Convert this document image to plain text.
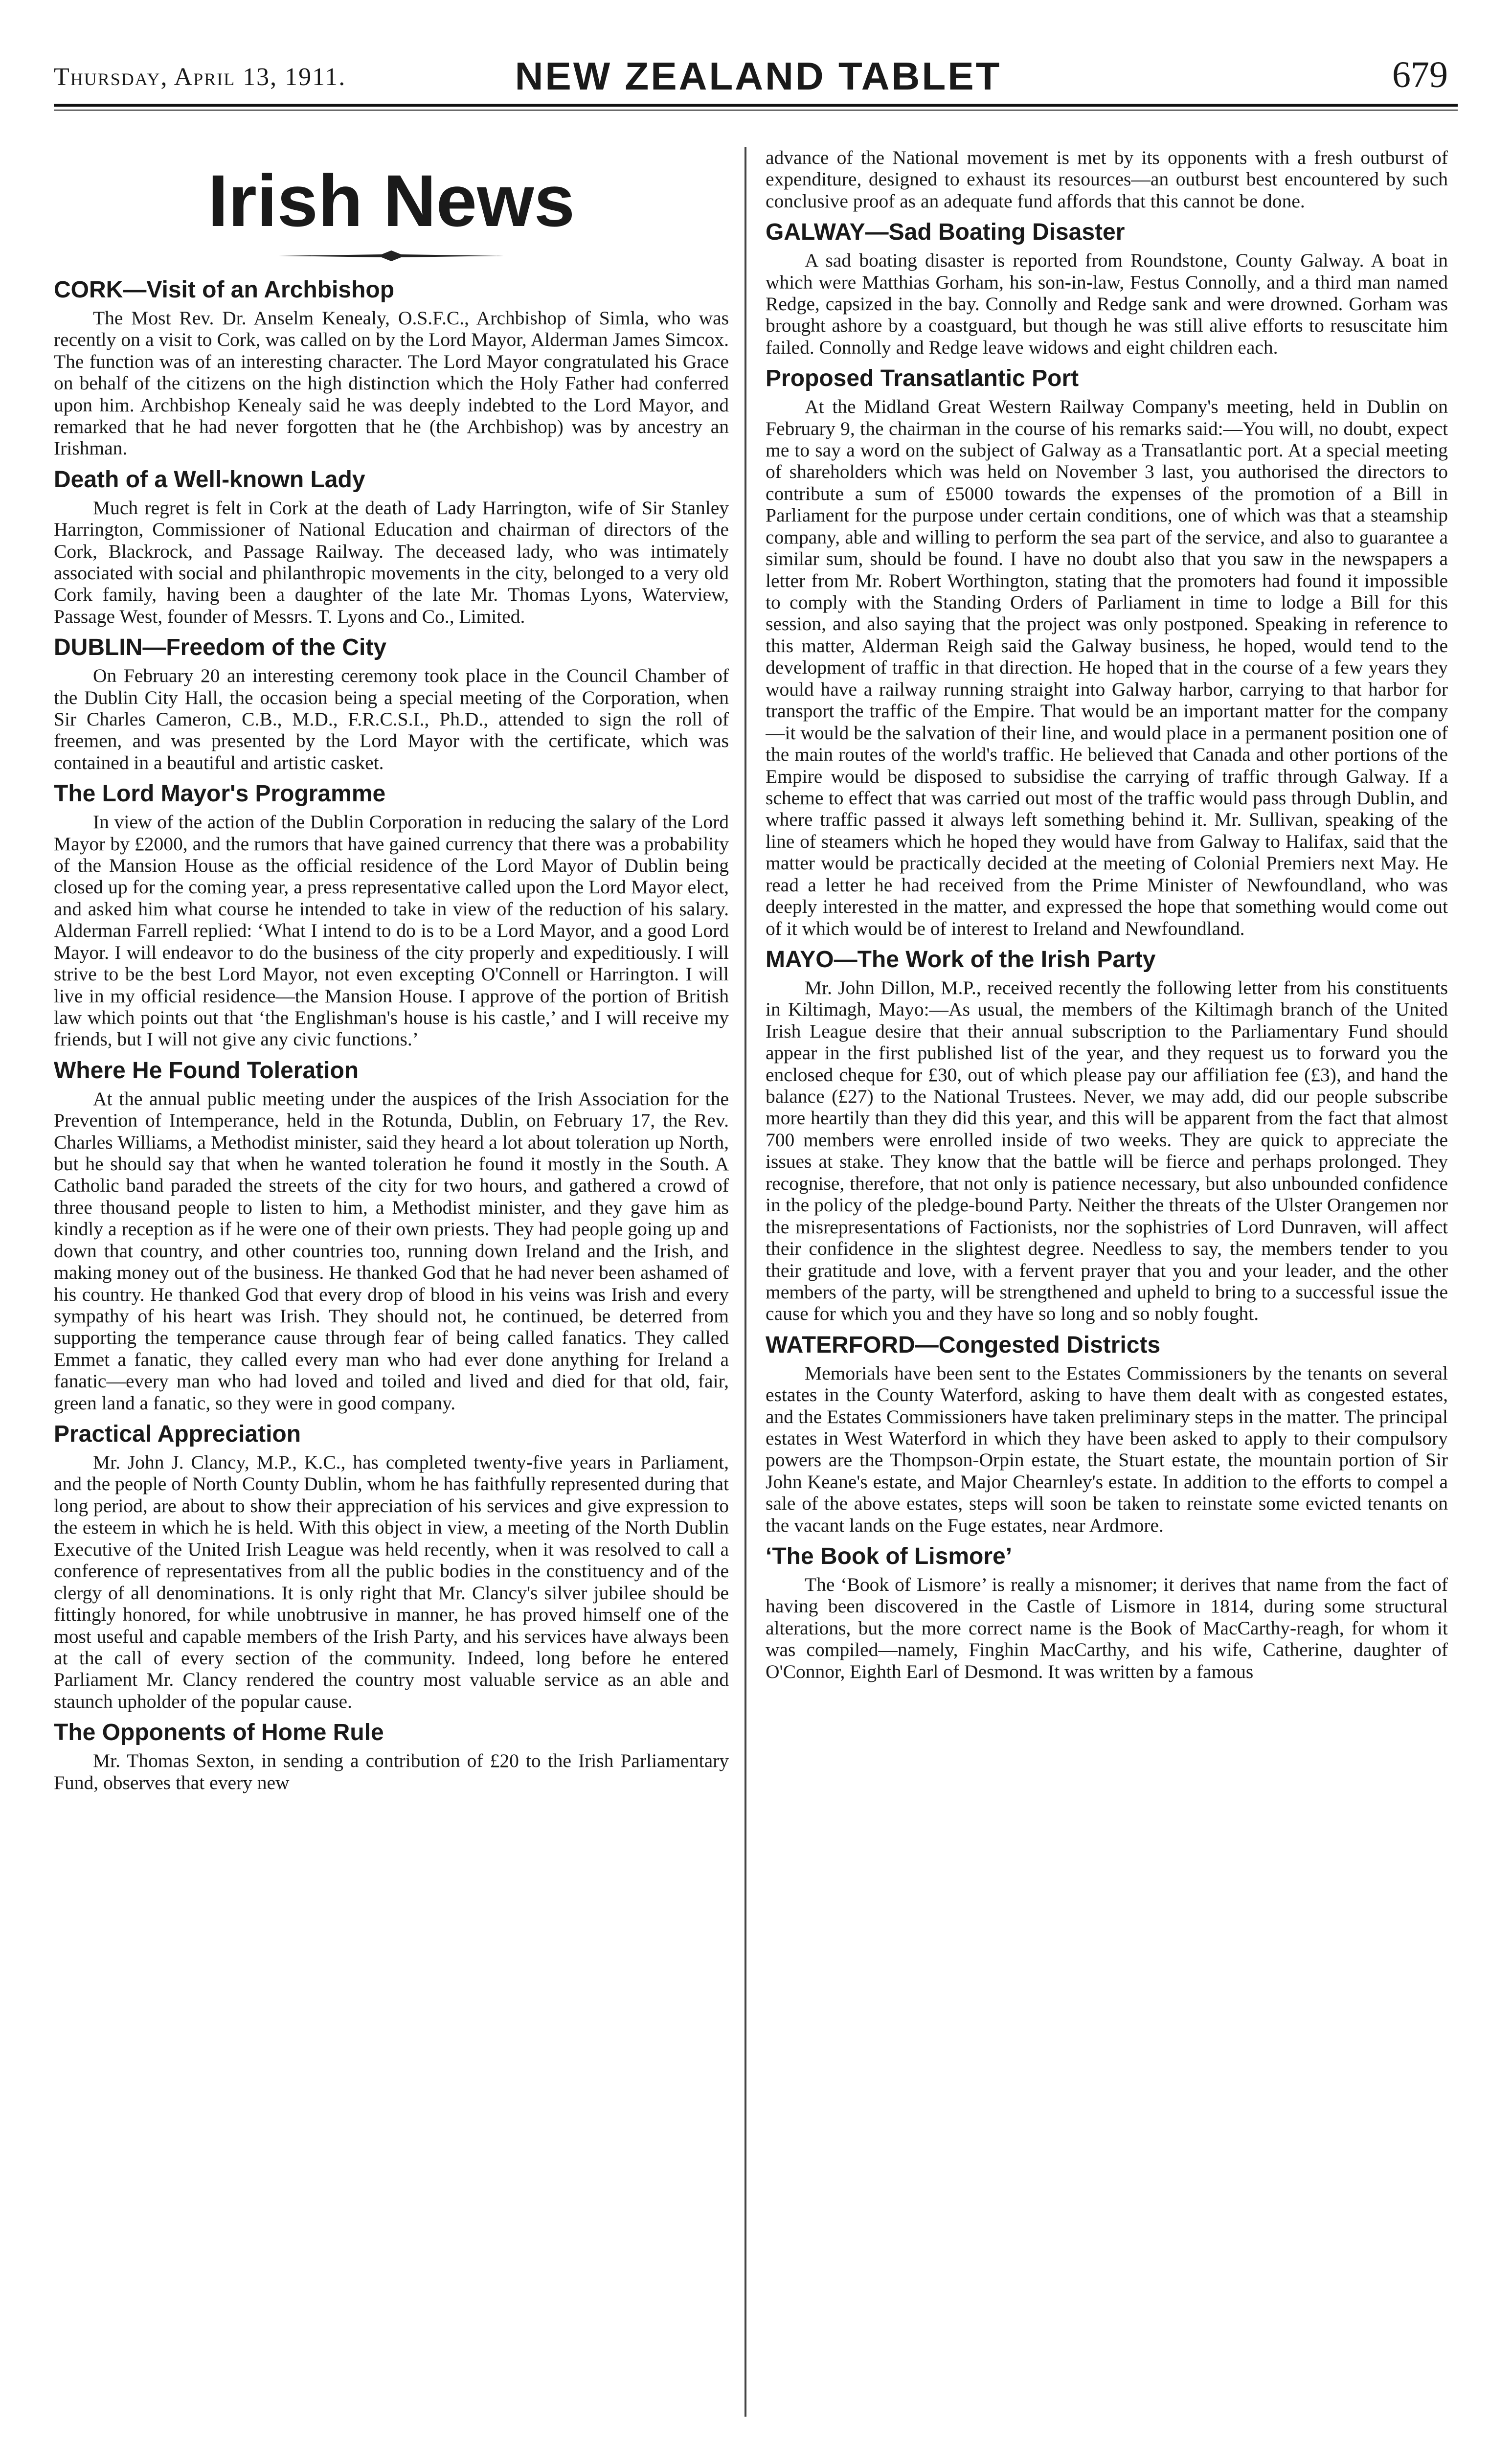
Thursday, April 13, 1911.	NEW ZEALAND TABLET	679
Irish News
CORK—Visit of an Archbishop

The Most Rev. Dr. Anselm Kenealy, O.S.F.C., Archbishop of Simla, who was recently on a visit to Cork, was called on by the Lord Mayor, Alderman James Simcox. The function was of an interesting character. The Lord Mayor congratulated his Grace on behalf of the citizens on the high distinction which the Holy Father had conferred upon him. Archbishop Kenealy said he was deeply indebted to the Lord Mayor, and remarked that he had never forgotten that he (the Archbishop) was by ancestry an Irishman.

Death of a Well-known Lady

Much regret is felt in Cork at the death of Lady Harrington, wife of Sir Stanley Harrington, Commissioner of National Education and chairman of directors of the Cork, Blackrock, and Passage Railway. The deceased lady, who was intimately associated with social and philanthropic movements in the city, belonged to a very old Cork family, having been a daughter of the late Mr. Thomas Lyons, Waterview, Passage West, founder of Messrs. T. Lyons and Co., Limited.

DUBLIN—Freedom of the City

On February 20 an interesting ceremony took place in the Council Chamber of the Dublin City Hall, the occasion being a special meeting of the Corporation, when Sir Charles Cameron, C.B., M.D., F.R.C.S.I., Ph.D., attended to sign the roll of freemen, and was presented by the Lord Mayor with the certificate, which was contained in a beautiful and artistic casket.

The Lord Mayor's Programme

In view of the action of the Dublin Corporation in reducing the salary of the Lord Mayor by £2000, and the rumors that have gained currency that there was a probability of the Mansion House as the official residence of the Lord Mayor of Dublin being closed up for the coming year, a press representative called upon the Lord Mayor elect, and asked him what course he intended to take in view of the reduction of his salary. Alderman Farrell replied: ‘What I intend to do is to be a Lord Mayor, and a good Lord Mayor. I will endeavor to do the business of the city properly and expeditiously. I will strive to be the best Lord Mayor, not even excepting O'Connell or Harrington. I will live in my official residence—the Mansion House. I approve of the portion of British law which points out that ‘the Englishman's house is his castle,’ and I will receive my friends, but I will not give any civic functions.’

Where He Found Toleration

At the annual public meeting under the auspices of the Irish Association for the Prevention of Intemperance, held in the Rotunda, Dublin, on February 17, the Rev. Charles Williams, a Methodist minister, said they heard a lot about toleration up North, but he should say that when he wanted toleration he found it mostly in the South. A Catholic band paraded the streets of the city for two hours, and gathered a crowd of three thousand people to listen to him, a Methodist minister, and they gave him as kindly a reception as if he were one of their own priests. They had people going up and down that country, and other countries too, running down Ireland and the Irish, and making money out of the business. He thanked God that he had never been ashamed of his country. He thanked God that every drop of blood in his veins was Irish and every sympathy of his heart was Irish. They should not, he continued, be deterred from supporting the temperance cause through fear of being called fanatics. They called Emmet a fanatic, they called every man who had ever done anything for Ireland a fanatic—every man who had loved and toiled and lived and died for that old, fair, green land a fanatic, so they were in good company.

Practical Appreciation

Mr. John J. Clancy, M.P., K.C., has completed twenty-five years in Parliament, and the people of North County Dublin, whom he has faithfully represented during that long period, are about to show their appreciation of his services and give expression to the esteem in which he is held. With this object in view, a meeting of the North Dublin Executive of the United Irish League was held recently, when it was resolved to call a conference of representatives from all the public bodies in the constituency and of the clergy of all denominations. It is only right that Mr. Clancy's silver jubilee should be fittingly honored, for while unobtrusive in manner, he has proved himself one of the most useful and capable members of the Irish Party, and his services have always been at the call of every section of the community. Indeed, long before he entered Parliament Mr. Clancy rendered the country most valuable service as an able and staunch upholder of the popular cause.

The Opponents of Home Rule

Mr. Thomas Sexton, in sending a contribution of £20 to the Irish Parliamentary Fund, observes that every new

advance of the National movement is met by its opponents with a fresh outburst of expenditure, designed to exhaust its resources—an outburst best encountered by such conclusive proof as an adequate fund affords that this cannot be done.

GALWAY—Sad Boating Disaster

A sad boating disaster is reported from Roundstone, County Galway. A boat in which were Matthias Gorham, his son-in-law, Festus Connolly, and a third man named Redge, capsized in the bay. Connolly and Redge sank and were drowned. Gorham was brought ashore by a coastguard, but though he was still alive efforts to resuscitate him failed. Connolly and Redge leave widows and eight children each.

Proposed Transatlantic Port

At the Midland Great Western Railway Company's meeting, held in Dublin on February 9, the chairman in the course of his remarks said:—You will, no doubt, expect me to say a word on the subject of Galway as a Transatlantic port. At a special meeting of shareholders which was held on November 3 last, you authorised the directors to contribute a sum of £5000 towards the expenses of the promotion of a Bill in Parliament for the purpose under certain conditions, one of which was that a steamship company, able and willing to perform the sea part of the service, and also to guarantee a similar sum, should be found. I have no doubt also that you saw in the newspapers a letter from Mr. Robert Worthington, stating that the promoters had found it impossible to comply with the Standing Orders of Parliament in time to lodge a Bill for this session, and also saying that the project was only postponed. Speaking in reference to this matter, Alderman Reigh said the Galway business, he hoped, would tend to the development of traffic in that direction. He hoped that in the course of a few years they would have a railway running straight into Galway harbor, carrying to that harbor for transport the traffic of the Empire. That would be an important matter for the company—it would be the salvation of their line, and would place in a permanent position one of the main routes of the world's traffic. He believed that Canada and other portions of the Empire would be disposed to subsidise the carrying of traffic through Galway. If a scheme to effect that was carried out most of the traffic would pass through Dublin, and where traffic passed it always left something behind it. Mr. Sullivan, speaking of the line of steamers which he hoped they would have from Galway to Halifax, said that the matter would be practically decided at the meeting of Colonial Premiers next May. He read a letter he had received from the Prime Minister of Newfoundland, who was deeply interested in the matter, and expressed the hope that something would come out of it which would be of interest to Ireland and Newfoundland.

MAYO—The Work of the Irish Party

Mr. John Dillon, M.P., received recently the following letter from his constituents in Kiltimagh, Mayo:—As usual, the members of the Kiltimagh branch of the United Irish League desire that their annual subscription to the Parliamentary Fund should appear in the first published list of the year, and they request us to forward you the enclosed cheque for £30, out of which please pay our affiliation fee (£3), and hand the balance (£27) to the National Trustees. Never, we may add, did our people subscribe more heartily than they did this year, and this will be apparent from the fact that almost 700 members were enrolled inside of two weeks. They are quick to appreciate the issues at stake. They know that the battle will be fierce and perhaps prolonged. They recognise, therefore, that not only is patience necessary, but also unbounded confidence in the policy of the pledge-bound Party. Neither the threats of the Ulster Orangemen nor the misrepresentations of Factionists, nor the sophistries of Lord Dunraven, will affect their confidence in the slightest degree. Needless to say, the members tender to you their gratitude and love, with a fervent prayer that you and your leader, and the other members of the party, will be strengthened and upheld to bring to a successful issue the cause for which you and they have so long and so nobly fought.

WATERFORD—Congested Districts

Memorials have been sent to the Estates Commissioners by the tenants on several estates in the County Waterford, asking to have them dealt with as congested estates, and the Estates Commissioners have taken preliminary steps in the matter. The principal estates in West Waterford in which they have been asked to apply to their compulsory powers are the Thompson-Orpin estate, the Stuart estate, the mountain portion of Sir John Keane's estate, and Major Chearnley's estate. In addition to the efforts to compel a sale of the above estates, steps will soon be taken to reinstate some evicted tenants on the vacant lands on the Fuge estates, near Ardmore.

‘The Book of Lismore’

The ‘Book of Lismore’ is really a misnomer; it derives that name from the fact of having been discovered in the Castle of Lismore in 1814, during some structural alterations, but the more correct name is the Book of MacCarthy-reagh, for whom it was compiled—namely, Finghin MacCarthy, and his wife, Catherine, daughter of O'Connor, Eighth Earl of Desmond. It was written by a famous
